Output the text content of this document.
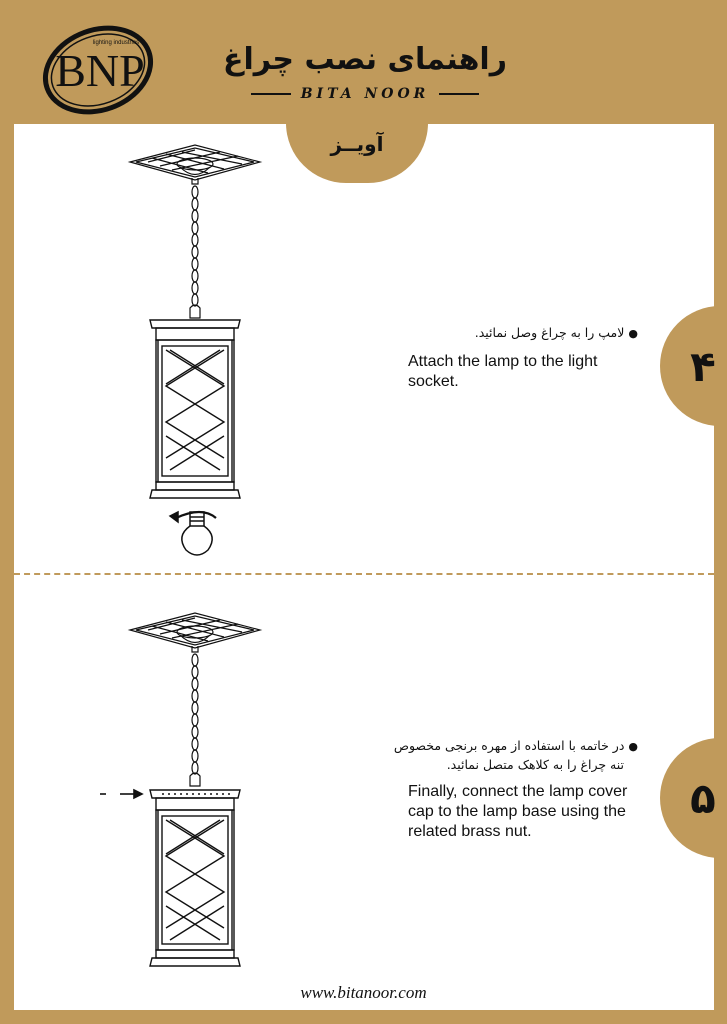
BNP
lighting industries	راهنمای نصب چراغ
BITA NOOR
آویــز
۴
●لامپ را به چراغ وصل نمائید.
Attach the lamp to the light
socket.
۵
●در خاتمه با استفاده از مهره برنجی مخصوص
تنه چراغ را به کلاهک متصل نمائید.
Finally, connect the lamp cover
cap to the lamp base using the
related brass nut.
www.bitanoor.com
